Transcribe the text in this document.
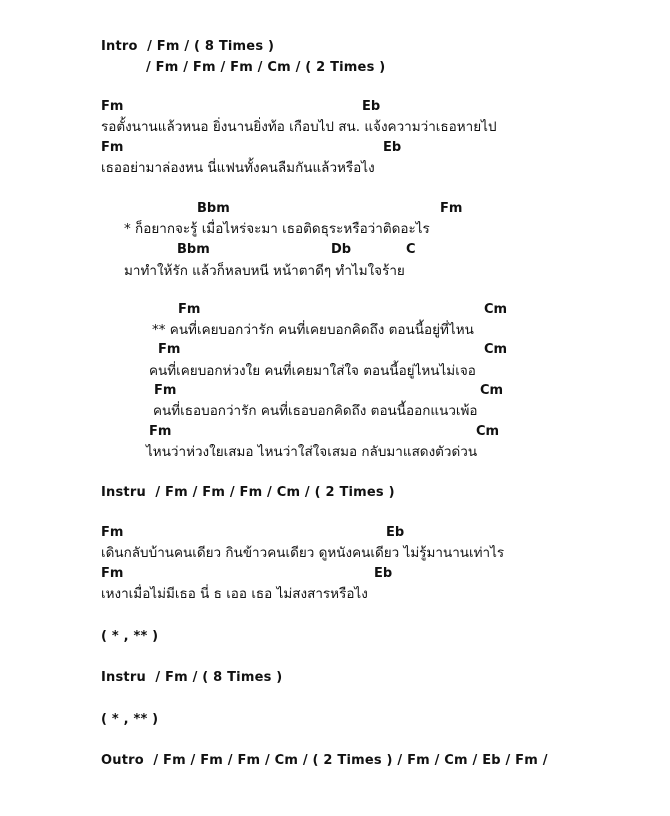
Intro  / Fm / ( 8 Times )
/ Fm / Fm / Fm / Cm / ( 2 Times )
Fm	Eb
รอตั้งนานแล้วหนอ ยิ่งนานยิ่งท้อ เกือบไป สน. แจ้งความว่าเธอหายไป
Fm	Eb
เธออย่ามาล่องหน นี่แฟนทั้งคนลืมกันแล้วหรือไง
Bbm	Fm
* ก็อยากจะรู้ เมื่อไหร่จะมา เธอติดธุระหรือว่าติดอะไร
Bbm	Db	C
มาทำให้รัก แล้วก็หลบหนี หน้าตาดีๆ ทำไมใจร้าย
Fm	Cm
** คนที่เคยบอกว่ารัก คนที่เคยบอกคิดถึง ตอนนี้อยู่ที่ไหน
Fm	Cm
คนที่เคยบอกห่วงใย คนที่เคยมาใส่ใจ ตอนนี้อยู่ไหนไม่เจอ
Fm	Cm
คนที่เธอบอกว่ารัก คนที่เธอบอกคิดถึง ตอนนี้ออกแนวเพ้อ
Fm	Cm
ไหนว่าห่วงใยเสมอ ไหนว่าใส่ใจเสมอ กลับมาแสดงตัวด่วน
Instru  / Fm / Fm / Fm / Cm / ( 2 Times )
Fm	Eb
เดินกลับบ้านคนเดียว กินข้าวคนเดียว ดูหนังคนเดียว ไม่รู้มานานเท่าไร
Fm	Eb
เหงาเมื่อไม่มีเธอ นี่ ธ เออ เธอ ไม่สงสารหรือไง
( * , ** )
Instru  / Fm / ( 8 Times )
( * , ** )
Outro  / Fm / Fm / Fm / Cm / ( 2 Times ) / Fm / Cm / Eb / Fm /
